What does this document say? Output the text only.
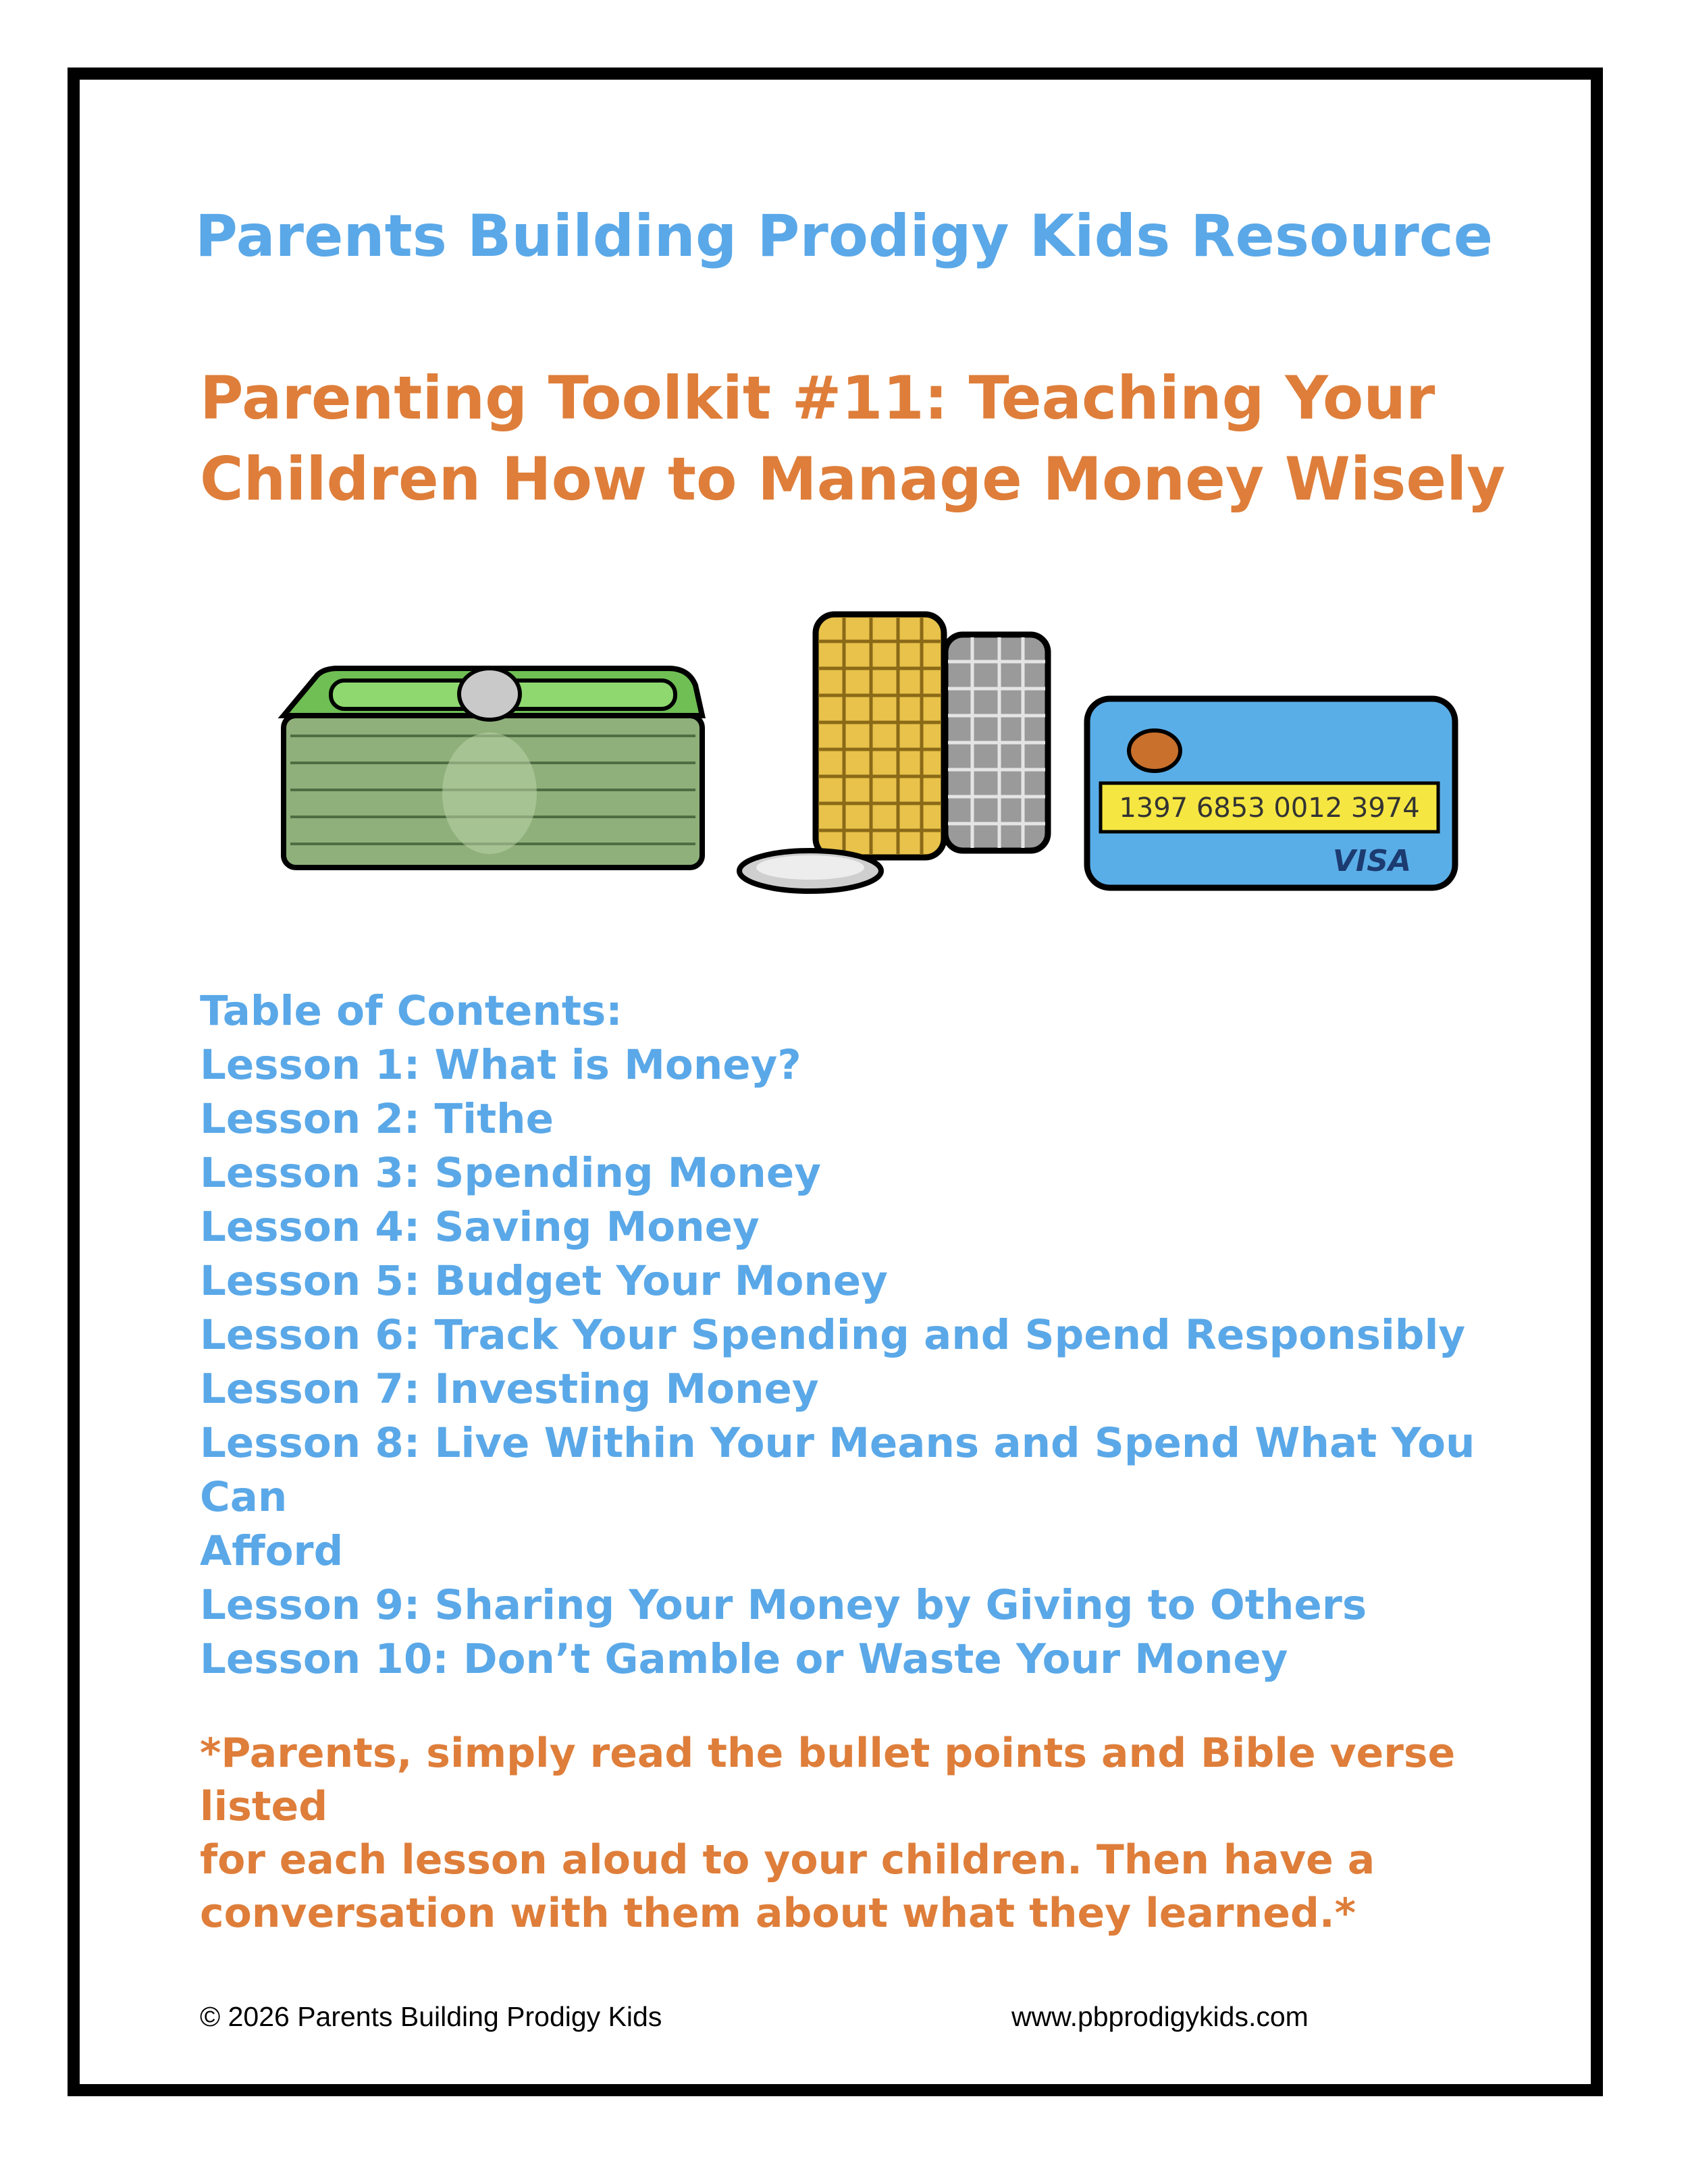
Parents Building Prodigy Kids Resource
Parenting Toolkit #11: Teaching Your
Children How to Manage Money Wisely
1397 6853 0012 3974
VISA
Table of Contents:
Lesson 1: What is Money?
Lesson 2: Tithe
Lesson 3: Spending Money
Lesson 4: Saving Money
Lesson 5: Budget Your Money
Lesson 6: Track Your Spending and Spend Responsibly
Lesson 7: Investing Money
Lesson 8: Live Within Your Means and Spend What You Can
Afford
Lesson 9: Sharing Your Money by Giving to Others
Lesson 10: Don’t Gamble or Waste Your Money
*Parents, simply read the bullet points and Bible verse listed
for each lesson aloud to your children. Then have a
conversation with them about what they learned.*
© 2026 Parents Building Prodigy Kids	www.pbprodigykids.com
